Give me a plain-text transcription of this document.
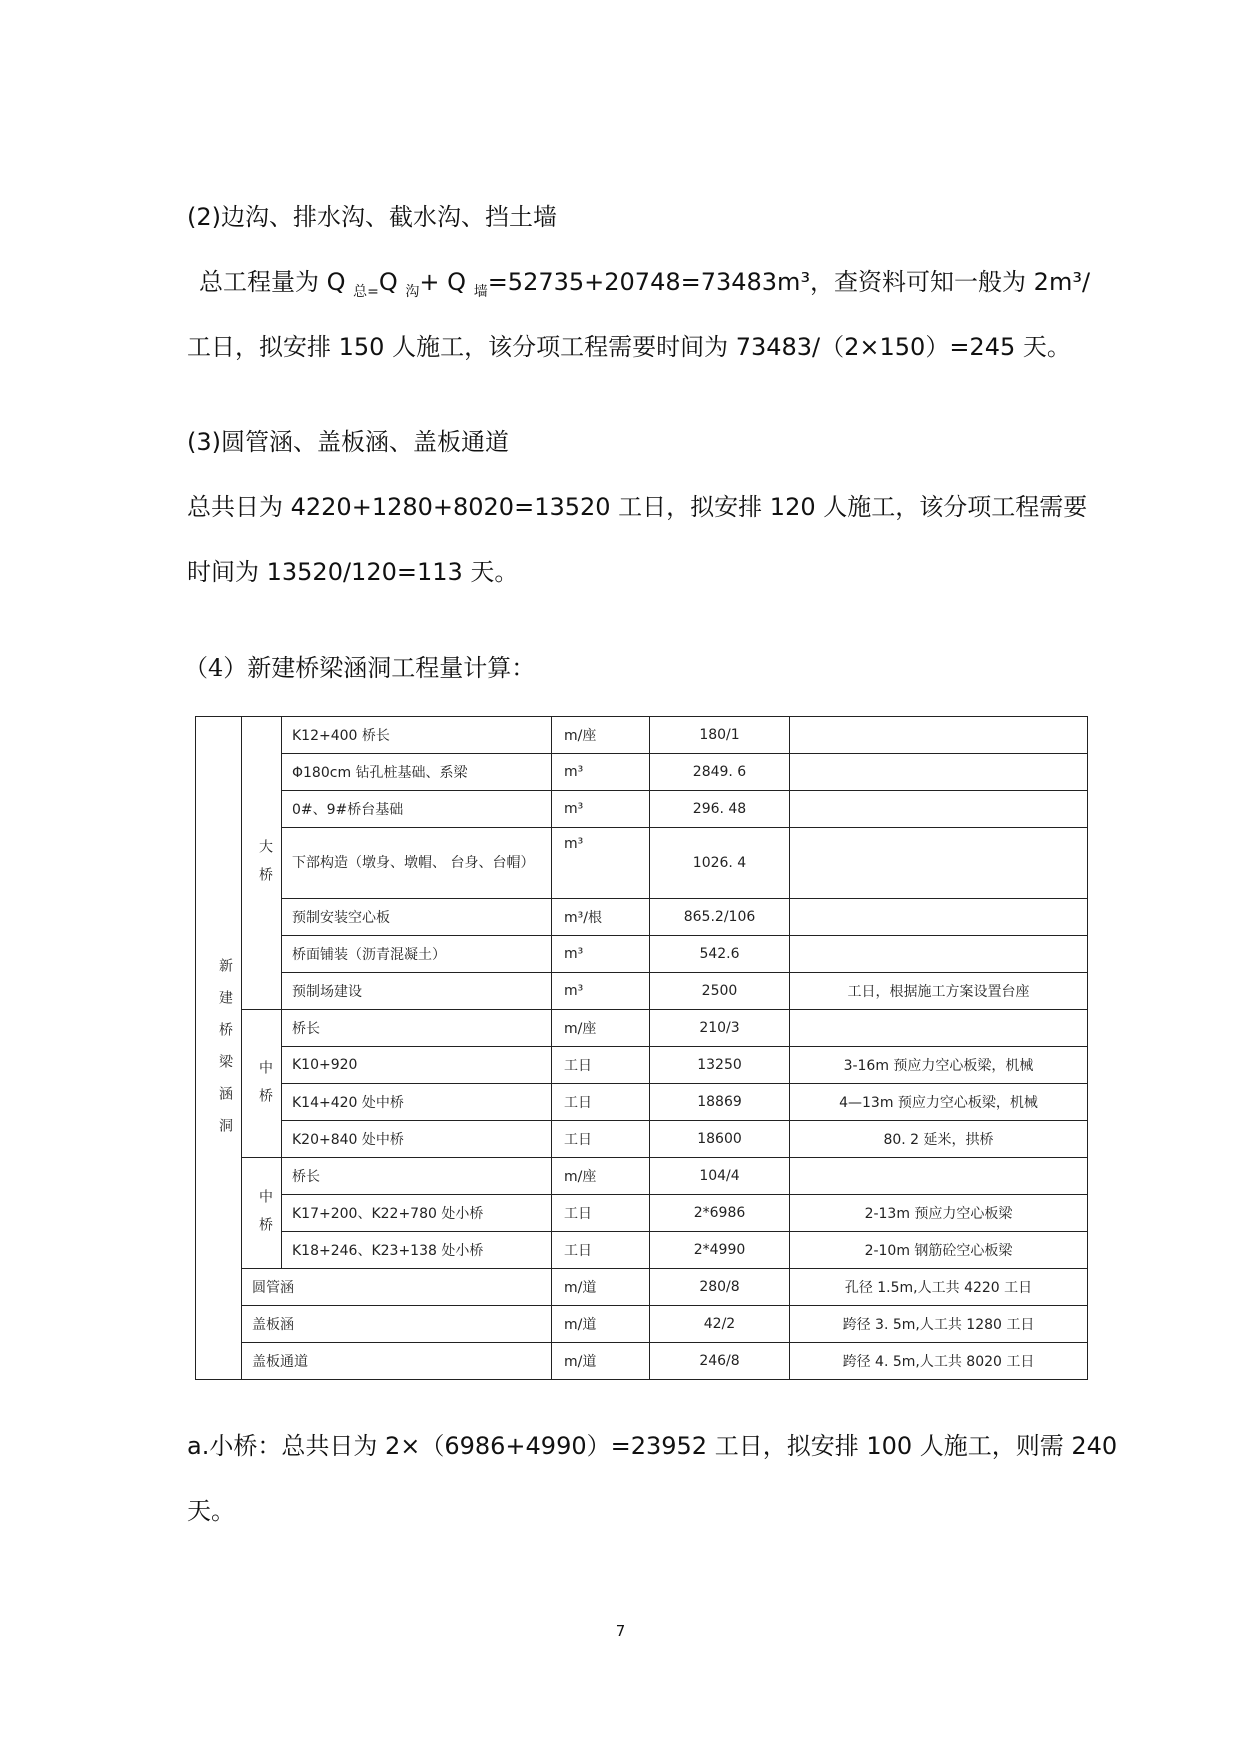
(2)边沟、排水沟、截水沟、挡土墙
总工程量为 Q $_{总=}$Q $_沟$+ Q $_墙$=52735+20748=73483m³，查资料可知一般为 2m³/
工日，拟安排 150 人施工，该分项工程需要时间为 73483/（2×150）=245 天。
(3)圆管涵、盖板涵、盖板通道
总共日为 4220+1280+8020=13520 工日，拟安排 120 人施工，该分项工程需要
时间为 13520/120=113 天。
（4）新建桥梁涵洞工程量计算：
新建桥梁涵洞	大桥	K12+400 桥长	m/座	180/1	
		Φ180cm 钻孔桩基础、系梁	m³	2849. 6	
		0#、9#桥台基础	m³	296. 48	
		下部构造（墩身、墩帽、 台身、台帽）	m³	1026. 4	
		预制安装空心板	m³/根	865.2/106	
		桥面铺装（沥青混凝土）	m³	542.6	
		预制场建设	m³	2500	工日，根据施工方案设置台座
	中桥	桥长	m/座	210/3	
		K10+920	工日	13250	3-16m 预应力空心板梁，机械
		K14+420 处中桥	工日	18869	4—13m 预应力空心板梁，机械
		K20+840 处中桥	工日	18600	80. 2 延米，拱桥
	中桥	桥长	m/座	104/4	
		K17+200、K22+780 处小桥	工日	2*6986	2-13m 预应力空心板梁
		K18+246、K23+138 处小桥	工日	2*4990	2-10m 钢筋砼空心板梁
	圆管涵		m/道	280/8	孔径 1.5m,人工共 4220 工日
	盖板涵		m/道	42/2	跨径 3. 5m,人工共 1280 工日
	盖板通道		m/道	246/8	跨径 4. 5m,人工共 8020 工日
a.小桥：总共日为 2×（6986+4990）=23952 工日，拟安排 100 人施工，则需 240
天。
7
